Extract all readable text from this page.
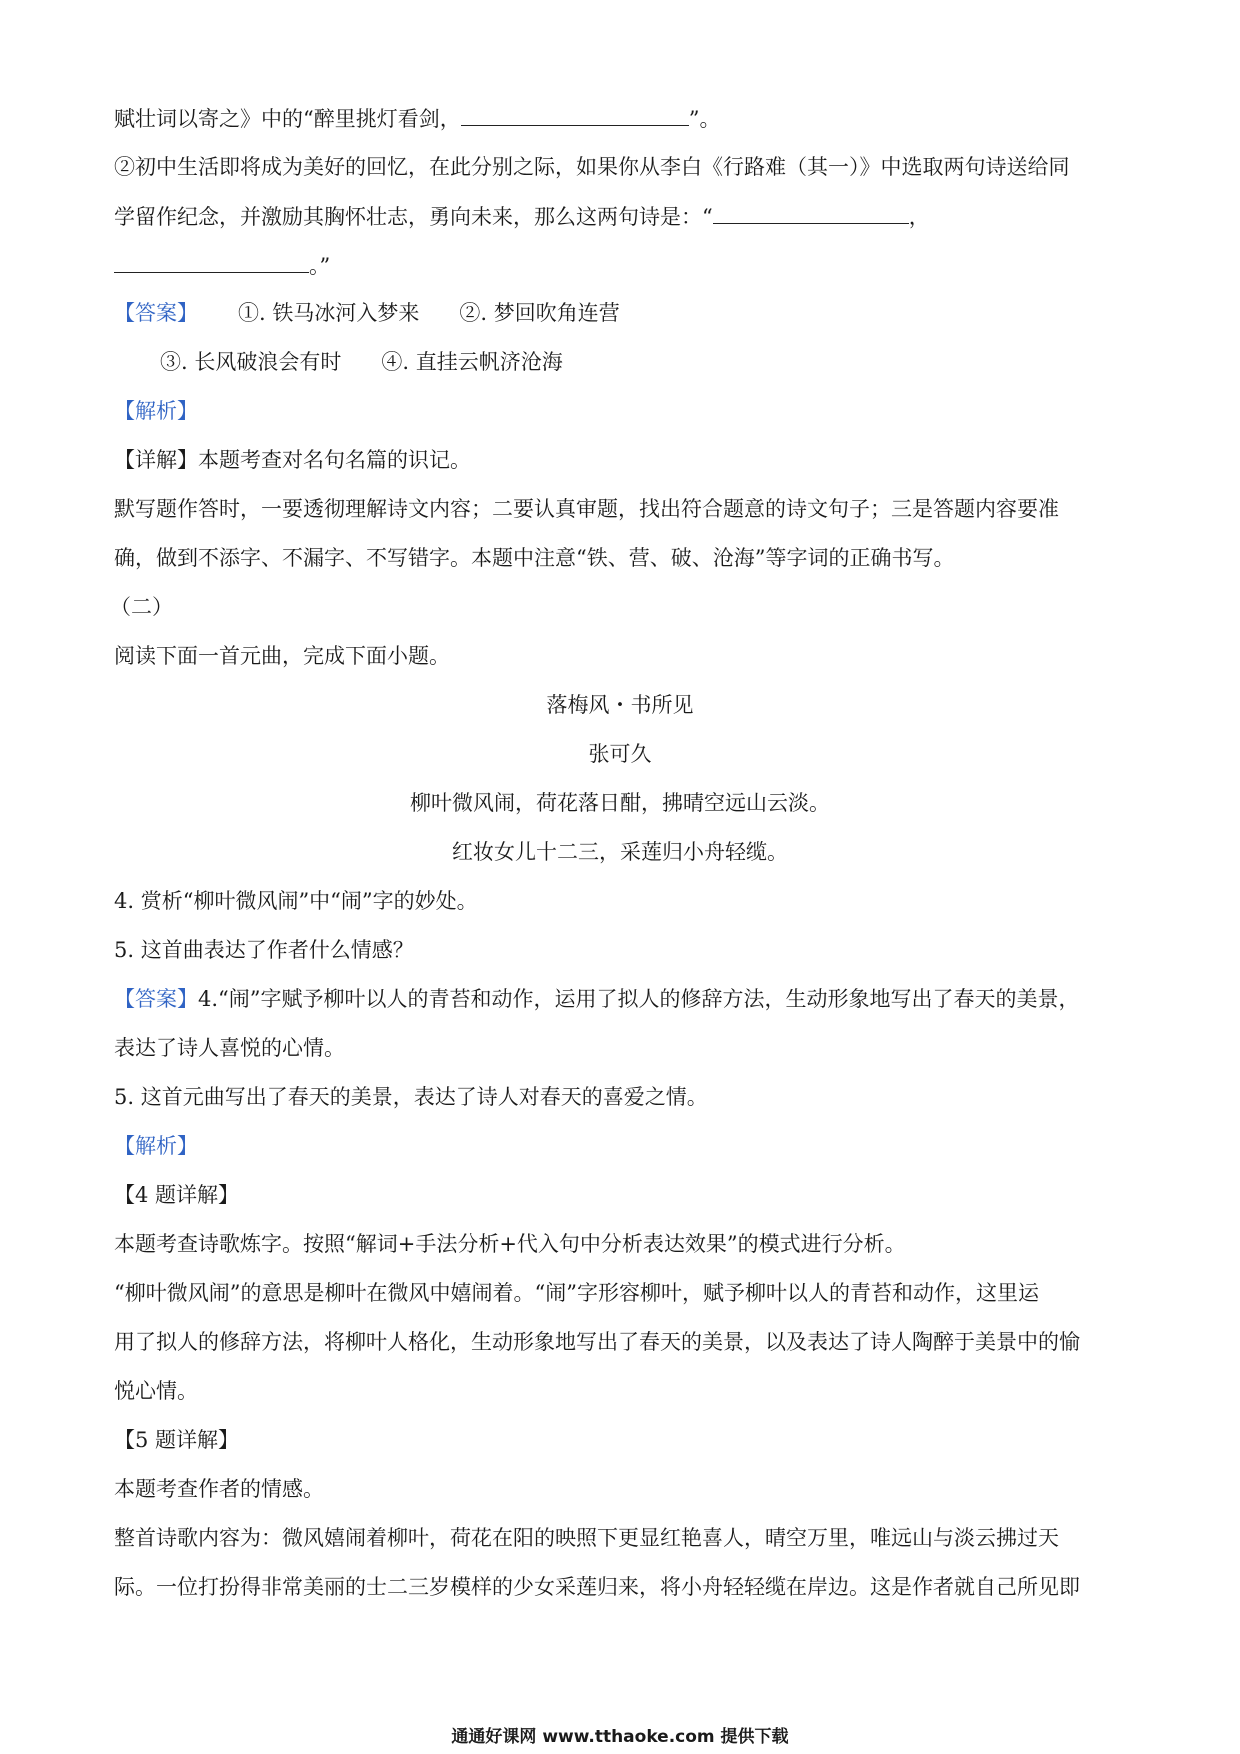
赋壮词以寄之》中的“醉里挑灯看剑，	”。
②初中生活即将成为美好的回忆，在此分别之际，如果你从李白《行路难（其一）》中选取两句诗送给同
学留作纪念，并激励其胸怀壮志，勇向未来，那么这两句诗是：“	，
。”
【答案】 ①. 铁马冰河入梦来 ②. 梦回吹角连营
③. 长风破浪会有时 ④. 直挂云帆济沧海
【解析】
【详解】本题考查对名句名篇的识记。
默写题作答时，一要透彻理解诗文内容；二要认真审题，找出符合题意的诗文句子；三是答题内容要准
确，做到不添字、不漏字、不写错字。本题中注意“铁、营、破、沧海”等字词的正确书写。
（二）
阅读下面一首元曲，完成下面小题。
落梅风・书所见
张可久
柳叶微风闹，荷花落日酣，拂晴空远山云淡。
红妆女儿十二三，采莲归小舟轻缆。
4. 赏析“柳叶微风闹”中“闹”字的妙处。
5. 这首曲表达了作者什么情感？
【答案】4.“闹”字赋予柳叶以人的青苔和动作，运用了拟人的修辞方法，生动形象地写出了春天的美景，
表达了诗人喜悦的心情。
5. 这首元曲写出了春天的美景，表达了诗人对春天的喜爱之情。
【解析】
【4 题详解】
本题考查诗歌炼字。按照“解词+手法分析+代入句中分析表达效果”的模式进行分析。
“柳叶微风闹”的意思是柳叶在微风中嬉闹着。“闹”字形容柳叶，赋予柳叶以人的青苔和动作，这里运
用了拟人的修辞方法，将柳叶人格化，生动形象地写出了春天的美景，以及表达了诗人陶醉于美景中的愉
悦心情。
【5 题详解】
本题考查作者的情感。
整首诗歌内容为：微风嬉闹着柳叶，荷花在阳的映照下更显红艳喜人，晴空万里，唯远山与淡云拂过天
际。一位打扮得非常美丽的士二三岁模样的少女采莲归来，将小舟轻轻缆在岸边。这是作者就自己所见即
通通好课网 www.tthaoke.com 提供下载
